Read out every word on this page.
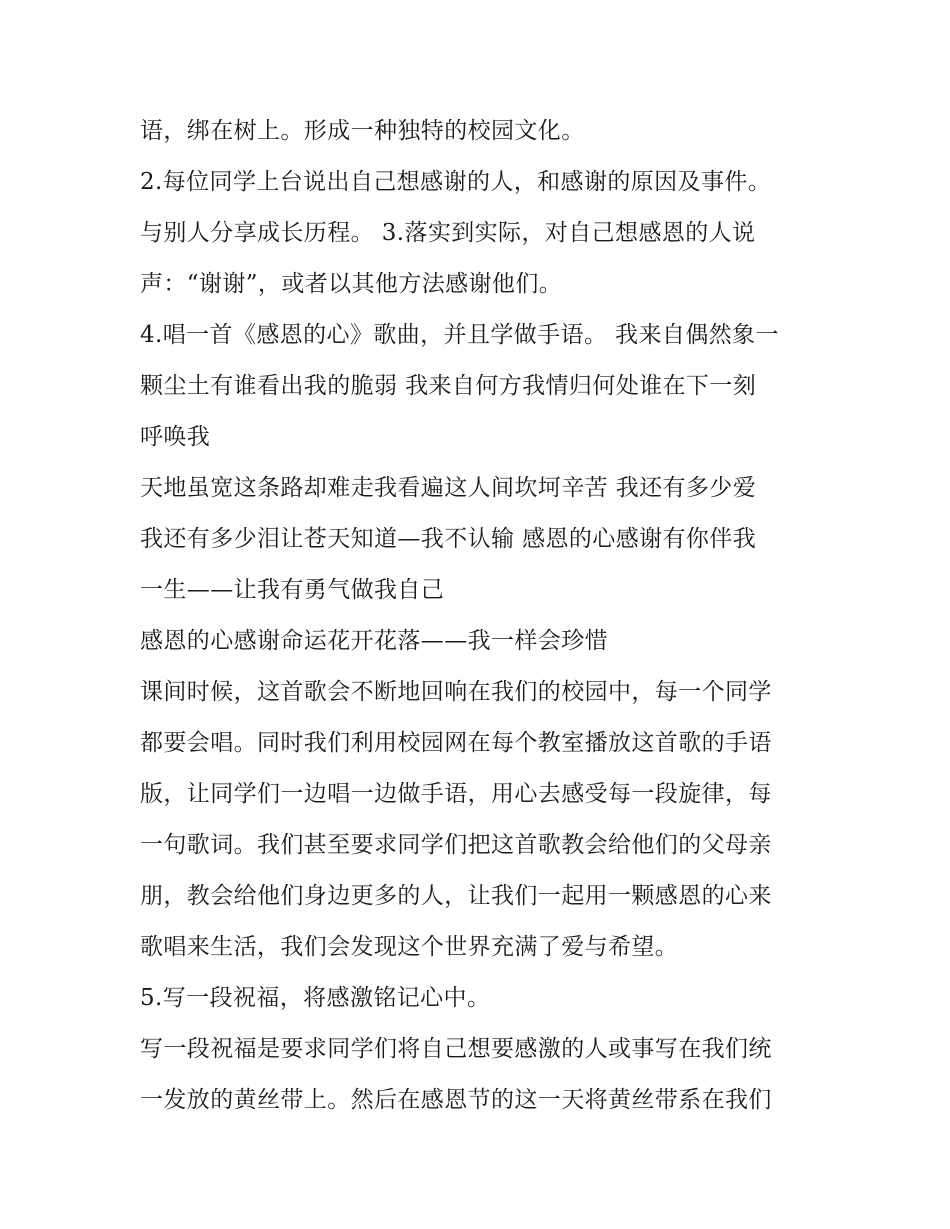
语，绑在树上。形成一种独特的校园文化。
2.每位同学上台说出自己想感谢的人，和感谢的原因及事件。
与别人分享成长历程。 3.落实到实际，对自己想感恩的人说
声：“谢谢”，或者以其他方法感谢他们。
4.唱一首《感恩的心》歌曲，并且学做手语。 我来自偶然象一
颗尘土有谁看出我的脆弱 我来自何方我情归何处谁在下一刻
呼唤我
天地虽宽这条路却难走我看遍这人间坎坷辛苦 我还有多少爱
我还有多少泪让苍天知道—我不认输 感恩的心感谢有你伴我
一生——让我有勇气做我自己
感恩的心感谢命运花开花落——我一样会珍惜
课间时候，这首歌会不断地回响在我们的校园中，每一个同学
都要会唱。同时我们利用校园网在每个教室播放这首歌的手语
版，让同学们一边唱一边做手语，用心去感受每一段旋律，每
一句歌词。我们甚至要求同学们把这首歌教会给他们的父母亲
朋，教会给他们身边更多的人，让我们一起用一颗感恩的心来
歌唱来生活，我们会发现这个世界充满了爱与希望。
5.写一段祝福，将感激铭记心中。
写一段祝福是要求同学们将自己想要感激的人或事写在我们统
一发放的黄丝带上。然后在感恩节的这一天将黄丝带系在我们
